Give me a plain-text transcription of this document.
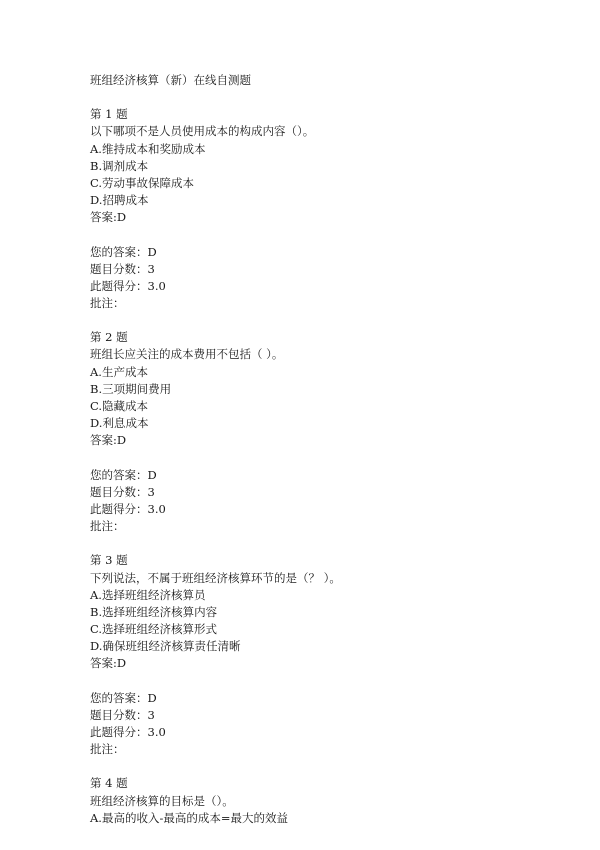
班组经济核算（新）在线自测题
第 1 题
以下哪项不是人员使用成本的构成内容（）。
A.维持成本和奖励成本
B.调剂成本
C.劳动事故保障成本
D.招聘成本
答案:D
您的答案：D
题目分数：3
此题得分：3.0
批注：
第 2 题
班组长应关注的成本费用不包括（ ）。
A.生产成本
B.三项期间费用
C.隐藏成本
D.利息成本
答案:D
您的答案：D
题目分数：3
此题得分：3.0
批注：
第 3 题
下列说法，不属于班组经济核算环节的是（？ ）。
A.选择班组经济核算员
B.选择班组经济核算内容
C.选择班组经济核算形式
D.确保班组经济核算责任清晰
答案:D
您的答案：D
题目分数：3
此题得分：3.0
批注：
第 4 题
班组经济核算的目标是（）。
A.最高的收入-最高的成本=最大的效益
